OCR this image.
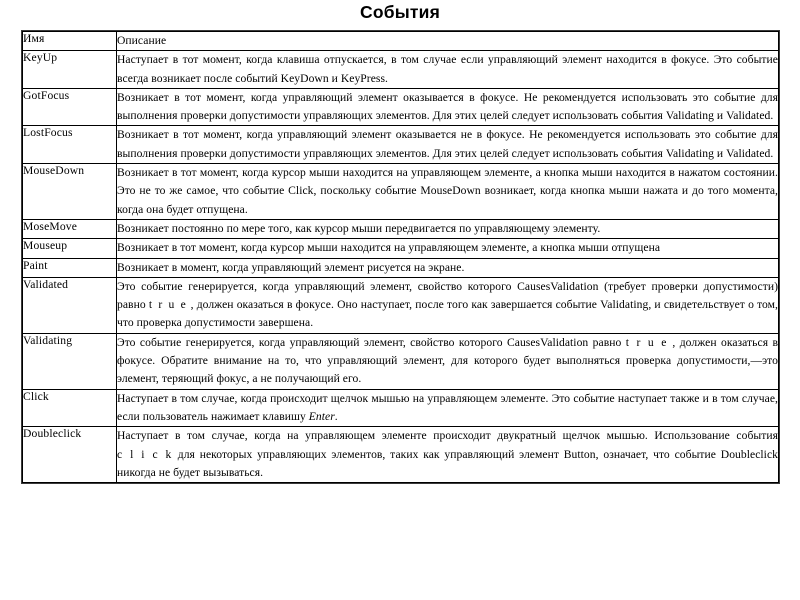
События
Имя	Описание
KeyUp	Наступает в тот момент, когда клавиша отпускается, в том случае если управляющий элемент находится в фокусе. Это событие всегда возникает после событий KeyDown и KeyPress.
GotFocus	Возникает в тот момент, когда управляющий элемент оказывается в фокусе. Не рекомендуется использовать это событие для выполнения проверки допустимости управляющих элементов. Для этих целей следует использовать события Validating и Validated.
LostFocus	Возникает в тот момент, когда управляющий элемент оказывается не в фокусе. Не рекомендуется использовать это событие для выполнения проверки допустимости управляющих элементов. Для этих целей следует использовать события Validating и Validated.
MouseDown	Возникает в тот момент, когда курсор мыши находится на управляющем элементе, а кнопка мыши находится в нажатом состоянии. Это не то же самое, что событие Click, поскольку событие MouseDown возникает, когда кнопка мыши нажата и до того момента, когда она будет отпущена.
MoseMove	Возникает постоянно по мере того, как курсор мыши передвигается по управляющему элементу.
Mouseup	Возникает в тот момент, когда курсор мыши находится на управляющем элементе, а кнопка мыши отпущена
Paint	Возникает в момент, когда управляющий элемент рисуется на экране.
Validated	Это событие генерируется, когда управляющий элемент, свойство которого CausesValidation (требует проверки допустимости) равно t r u e , должен оказаться в фокусе. Оно наступает, после того как завершается событие Validating, и свидетельствует о том, что проверка допустимости завершена.
Validating	Это событие генерируется, когда управляющий элемент, свойство которого CausesValidation равно t r u e , должен оказаться в фокусе. Обратите внимание на то, что управляющий элемент, для которого будет выполняться проверка допустимости,—это элемент, теряющий фокус, а не получающий его.
Click	Наступает в том случае, когда происходит щелчок мышью на управляющем элементе. Это событие наступает также и в том случае, если пользователь нажимает клавишу Enter.
Doubleclick	Наступает в том случае, когда на управляющем элементе происходит двукратный щелчок мышью. Использование события c l i c k для некоторых управляющих элементов, таких как управляющий элемент Button, означает, что событие Doubleclick никогда не будет вызываться.
